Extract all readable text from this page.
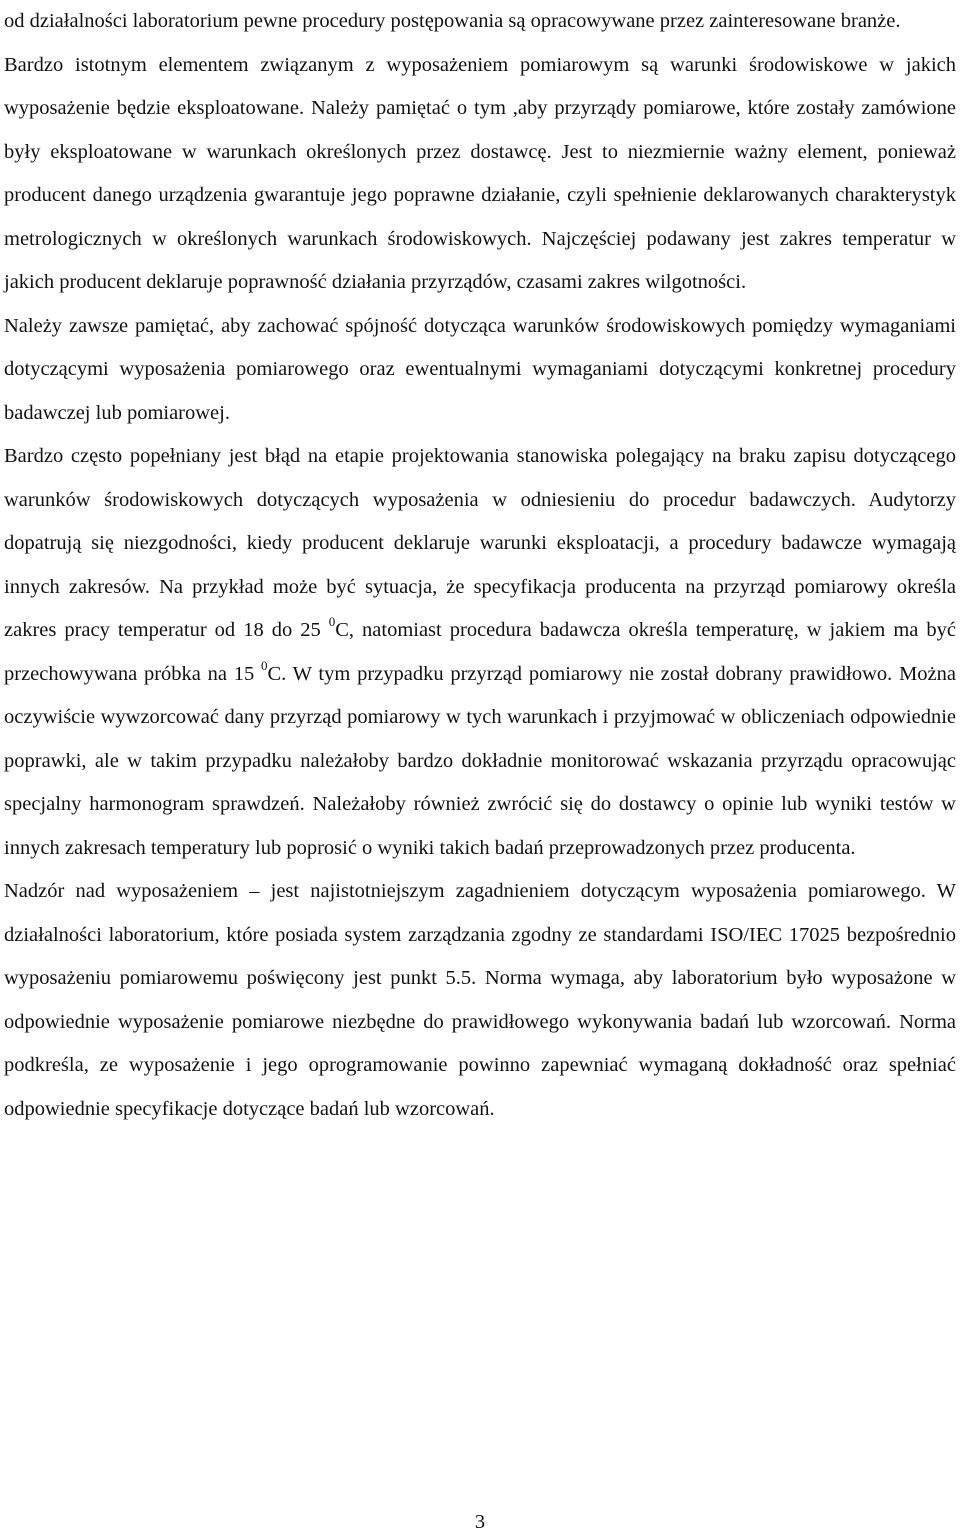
od działalności laboratorium pewne procedury postępowania są opracowywane przez zainteresowane branże.

Bardzo istotnym elementem związanym z wyposażeniem pomiarowym są warunki środowiskowe w jakich wyposażenie będzie eksploatowane. Należy pamiętać o tym ,aby przyrządy pomiarowe, które zostały zamówione były eksploatowane w warunkach określonych przez dostawcę. Jest to niezmiernie ważny element, ponieważ producent danego urządzenia gwarantuje jego poprawne działanie, czyli spełnienie deklarowanych charakterystyk metrologicznych w określonych warunkach środowiskowych. Najczęściej podawany jest zakres temperatur w jakich producent deklaruje poprawność działania przyrządów, czasami zakres wilgotności.

Należy zawsze pamiętać, aby zachować spójność dotycząca warunków środowiskowych pomiędzy wymaganiami dotyczącymi wyposażenia pomiarowego oraz ewentualnymi wymaganiami dotyczącymi konkretnej procedury badawczej lub pomiarowej.

Bardzo często popełniany jest błąd na etapie projektowania stanowiska polegający na braku zapisu dotyczącego warunków środowiskowych dotyczących wyposażenia w odniesieniu do procedur badawczych. Audytorzy dopatrują się niezgodności, kiedy producent deklaruje warunki eksploatacji, a procedury badawcze wymagają innych zakresów. Na przykład może być sytuacja, że specyfikacja producenta na przyrząd pomiarowy określa zakres pracy temperatur od 18 do 25 $^0$C, natomiast procedura badawcza określa temperaturę, w jakiem ma być przechowywana próbka na 15 $^0$C. W tym przypadku przyrząd pomiarowy nie został dobrany prawidłowo. Można oczywiście wywzorcować dany przyrząd pomiarowy w tych warunkach i przyjmować w obliczeniach odpowiednie poprawki, ale w takim przypadku należałoby bardzo dokładnie monitorować wskazania przyrządu opracowując specjalny harmonogram sprawdzeń. Należałoby również zwrócić się do dostawcy o opinie lub wyniki testów w innych zakresach temperatury lub poprosić o wyniki takich badań przeprowadzonych przez producenta.

Nadzór nad wyposażeniem – jest najistotniejszym zagadnieniem dotyczącym wyposażenia pomiarowego. W działalności laboratorium, które posiada system zarządzania zgodny ze standardami ISO/IEC 17025 bezpośrednio wyposażeniu pomiarowemu poświęcony jest punkt 5.5. Norma wymaga, aby laboratorium było wyposażone w odpowiednie wyposażenie pomiarowe niezbędne do prawidłowego wykonywania badań lub wzorcowań. Norma podkreśla, ze wyposażenie i jego oprogramowanie powinno zapewniać wymaganą dokładność oraz spełniać odpowiednie specyfikacje dotyczące badań lub wzorcowań.

3
